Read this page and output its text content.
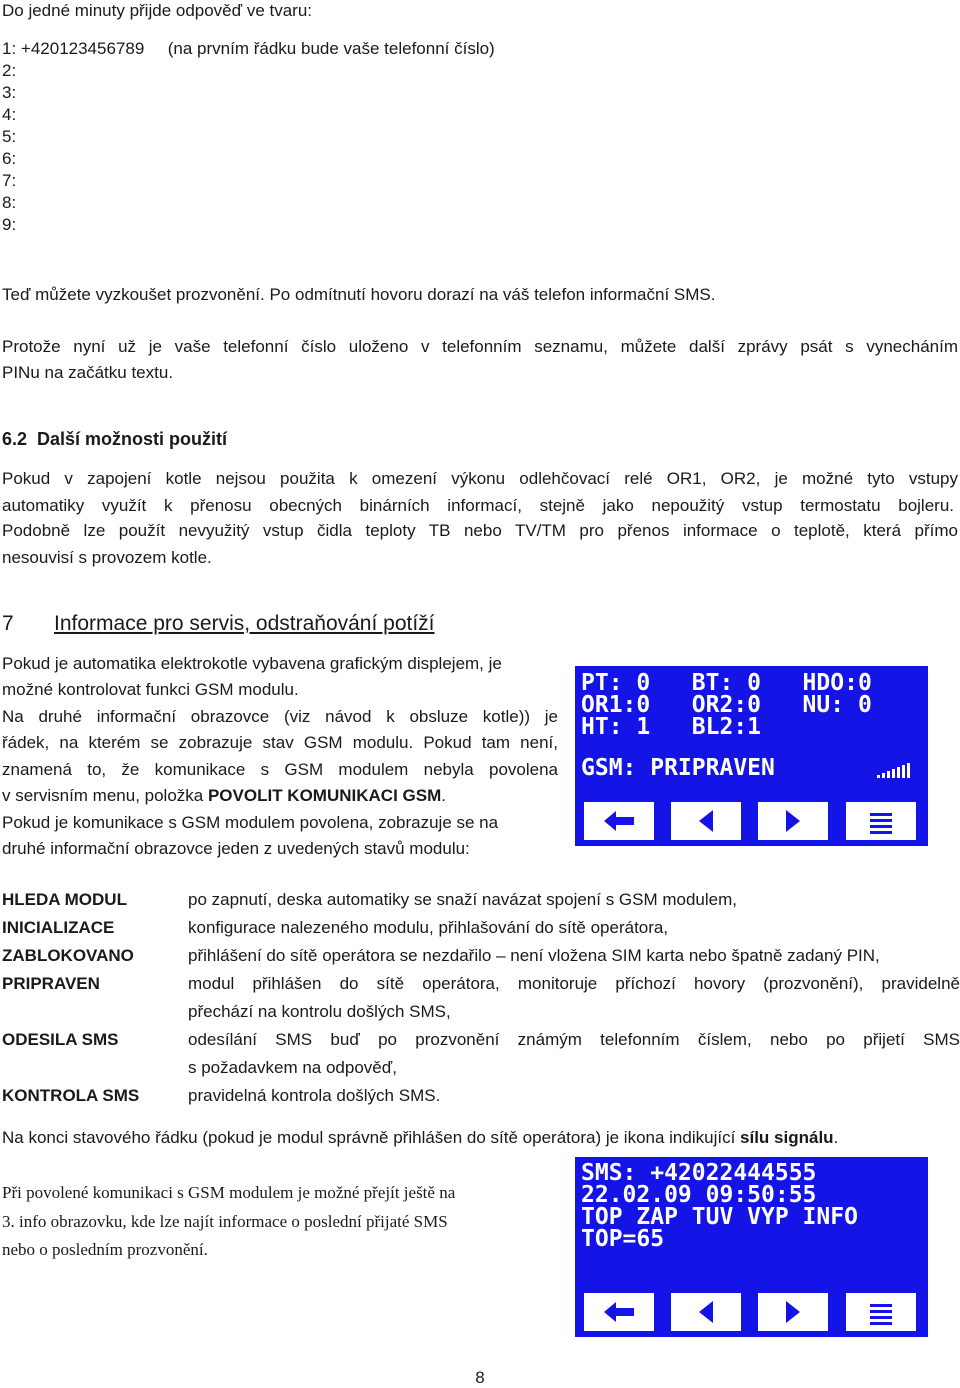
Do jedné minuty přijde odpověď ve tvaru:
1: +420123456789 (na prvním řádku bude vaše telefonní číslo)
2:
3:
4:
5:
6:
7:
8:
9:
Teď můžete vyzkoušet prozvonění. Po odmítnutí hovoru dorazí na váš telefon informační SMS.
Protože nyní už je vaše telefonní číslo uloženo v telefonním seznamu, můžete další zprávy psát s vynecháním
PINu na začátku textu.
6.2  Další možnosti použití
Pokud v zapojení kotle nejsou použita k omezení výkonu odlehčovací relé OR1, OR2, je možné tyto vstupy
automatiky využít k přenosu obecných binárních informací, stejně jako nepoužitý vstup termostatu bojleru.
Podobně lze použít nevyužitý vstup čidla teploty TB nebo TV/TM pro přenos informace o teplotě, která přímo
nesouvisí s provozem kotle.
7 Informace pro servis, odstraňování potíží
Pokud je automatika elektrokotle vybavena grafickým displejem, je
možné kontrolovat funkci GSM modulu.
Na druhé informační obrazovce (viz návod k obsluze kotle)) je
řádek, na kterém se zobrazuje stav GSM modulu. Pokud tam není,
znamená to, že komunikace s GSM modulem nebyla povolena
v servisním menu, položka POVOLIT KOMUNIKACI GSM.
Pokud je komunikace s GSM modulem povolena, zobrazuje se na
druhé informační obrazovce jeden z uvedených stavů modulu:
PT: 0   BT: 0   HDO:0
OR1:0   OR2:0   NU: 0
HT: 1   BL2:1
GSM: PRIPRAVEN
HLEDA MODUL	po zapnutí, deska automatiky se snaží navázat spojení s GSM modulem,
INICIALIZACE	konfigurace nalezeného modulu, přihlašování do sítě operátora,
ZABLOKOVANO	přihlášení do sítě operátora se nezdařilo – není vložena SIM karta nebo špatně zadaný PIN,
PRIPRAVEN	modul přihlášen do sítě operátora, monitoruje příchozí hovory (prozvonění), pravidelně
přechází na kontrolu došlých SMS,
ODESILA SMS	odesílání SMS buď po prozvonění známým telefonním číslem, nebo po přijetí SMS
s požadavkem na odpověď,
KONTROLA SMS	pravidelná kontrola došlých SMS.
Na konci stavového řádku (pokud je modul správně přihlášen do sítě operátora) je ikona indikující sílu signálu.
Při povolené komunikaci s GSM modulem je možné přejít ještě na
3. info obrazovku, kde lze najít informace o poslední přijaté SMS
nebo o posledním prozvonění.
SMS: +42022444555
22.02.09 09:50:55
TOP ZAP TUV VYP INFO
TOP=65
8
